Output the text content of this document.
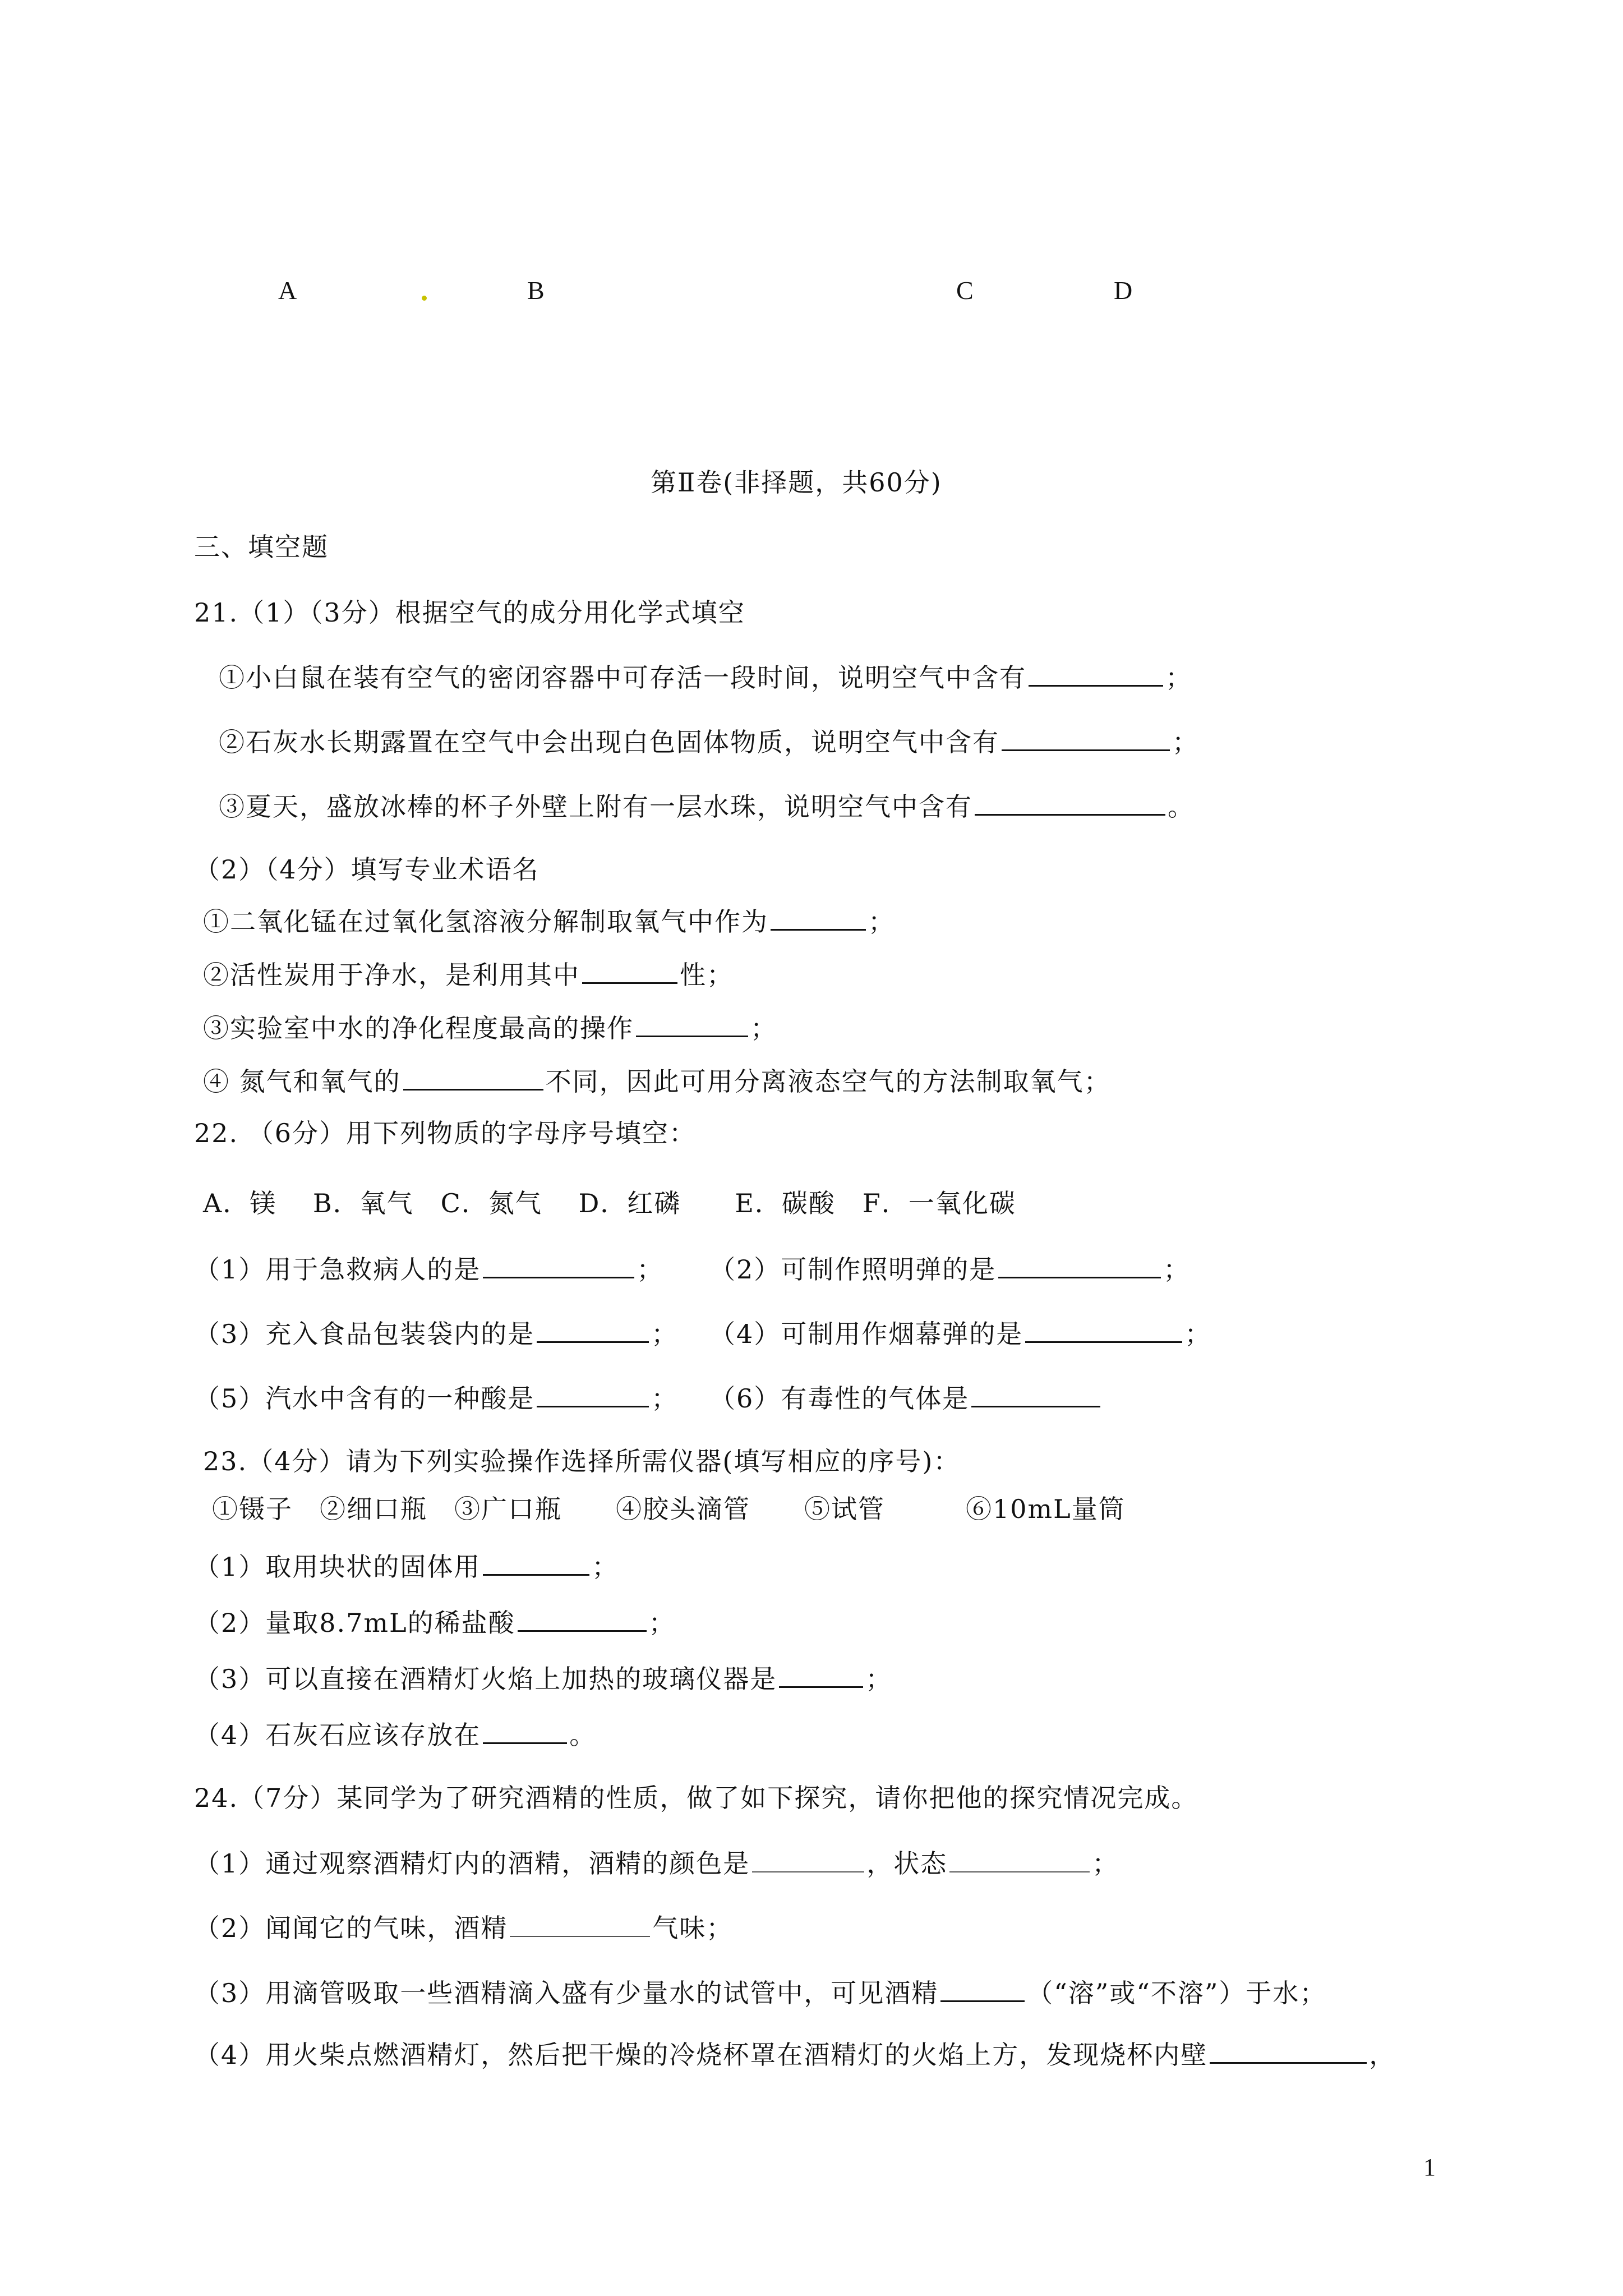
A	B	C	D
第Ⅱ卷(非择题，共60分)
三、填空题
21.（1）（3分）根据空气的成分用化学式填空
①小白鼠在装有空气的密闭容器中可存活一段时间，说明空气中含有	；
②石灰水长期露置在空气中会出现白色固体物质，说明空气中含有	；
③夏天，盛放冰棒的杯子外壁上附有一层水珠，说明空气中含有	。
（2）（4分）填写专业术语名
①二氧化锰在过氧化氢溶液分解制取氧气中作为	；
②活性炭用于净水，是利用其中	性；
③实验室中水的净化程度最高的操作	；
④ 氮气和氧气的	不同，因此可用分离液态空气的方法制取氧气；
22. （6分）用下列物质的字母序号填空：
A．镁　 B．氧气　C．氮气　 D．红磷　　E．碳酸　F．一氧化碳
（1）用于急救病人的是	； （2）可制作照明弹的是	；
（3）充入食品包装袋内的是	； （4）可制用作烟幕弹的是	；
（5）汽水中含有的一种酸是	； （6）有毒性的气体是
23.（4分）请为下列实验操作选择所需仪器(填写相应的序号)：
①镊子　②细口瓶　③广口瓶　　④胶头滴管　　⑤试管　　　⑥10mL量筒
（1）取用块状的固体用	；
（2）量取8.7mL的稀盐酸	；
（3）可以直接在酒精灯火焰上加热的玻璃仪器是	；
（4）石灰石应该存放在	。
24.（7分）某同学为了研究酒精的性质，做了如下探究，请你把他的探究情况完成。
（1）通过观察酒精灯内的酒精，酒精的颜色是	，状态	；
（2）闻闻它的气味，酒精	气味；
（3）用滴管吸取一些酒精滴入盛有少量水的试管中，可见酒精	（“溶”或“不溶”）于水；
（4）用火柴点燃酒精灯，然后把干燥的冷烧杯罩在酒精灯的火焰上方，发现烧杯内壁	，
1
